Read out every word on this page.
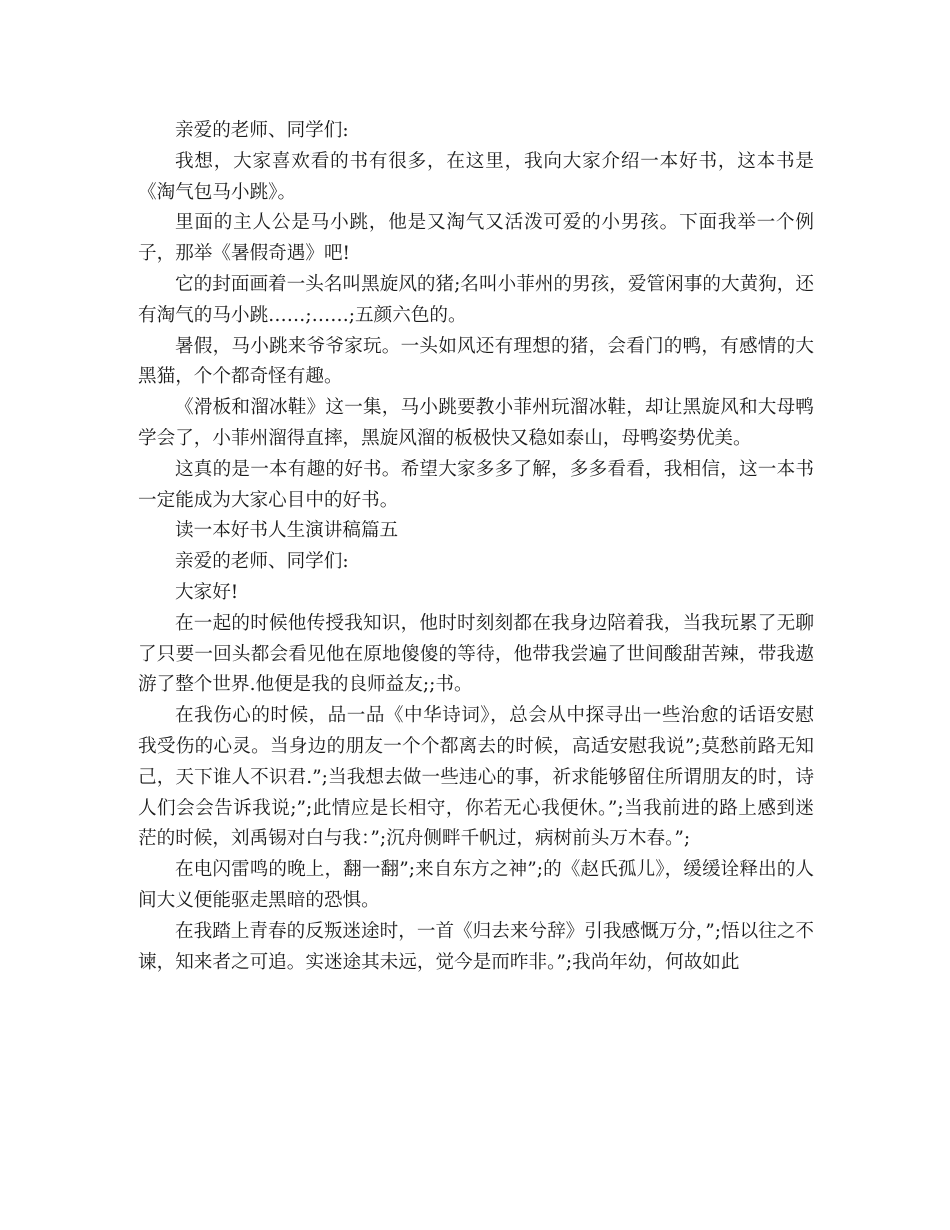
亲爱的老师、同学们:

我想，大家喜欢看的书有很多，在这里，我向大家介绍一本好书，这本书是《淘气包马小跳》。

里面的主人公是马小跳，他是又淘气又活泼可爱的小男孩。下面我举一个例子，那举《暑假奇遇》吧!

它的封面画着一头名叫黑旋风的猪;名叫小菲州的男孩，爱管闲事的大黄狗，还有淘气的马小跳……;……;五颜六色的。

暑假，马小跳来爷爷家玩。一头如风还有理想的猪，会看门的鸭，有感情的大黑猫，个个都奇怪有趣。

《滑板和溜冰鞋》这一集，马小跳要教小菲州玩溜冰鞋，却让黑旋风和大母鸭学会了，小菲州溜得直摔，黑旋风溜的板极快又稳如泰山，母鸭姿势优美。

这真的是一本有趣的好书。希望大家多多了解，多多看看，我相信，这一本书一定能成为大家心目中的好书。

读一本好书人生演讲稿篇五

亲爱的老师、同学们:

大家好!

在一起的时候他传授我知识，他时时刻刻都在我身边陪着我，当我玩累了无聊了只要一回头都会看见他在原地傻傻的等待，他带我尝遍了世间酸甜苦辣，带我遨游了整个世界.他便是我的良师益友;;书。

在我伤心的时候，品一品《中华诗词》，总会从中探寻出一些治愈的话语安慰我受伤的心灵。当身边的朋友一个个都离去的时候，高适安慰我说”;莫愁前路无知己，天下谁人不识君.”;当我想去做一些违心的事，祈求能够留住所谓朋友的时，诗人们会会告诉我说;”;此情应是长相守，你若无心我便休。”;当我前进的路上感到迷茫的时候，刘禹锡对白与我：”;沉舟侧畔千帆过，病树前头万木春。”;

在电闪雷鸣的晚上，翻一翻”;来自东方之神”;的《赵氏孤儿》，缓缓诠释出的人间大义便能驱走黑暗的恐惧。

在我踏上青春的反叛迷途时，一首《归去来兮辞》引我感慨万分，”;悟以往之不谏，知来者之可追。实迷途其未远，觉今是而昨非。”;我尚年幼，何故如此
